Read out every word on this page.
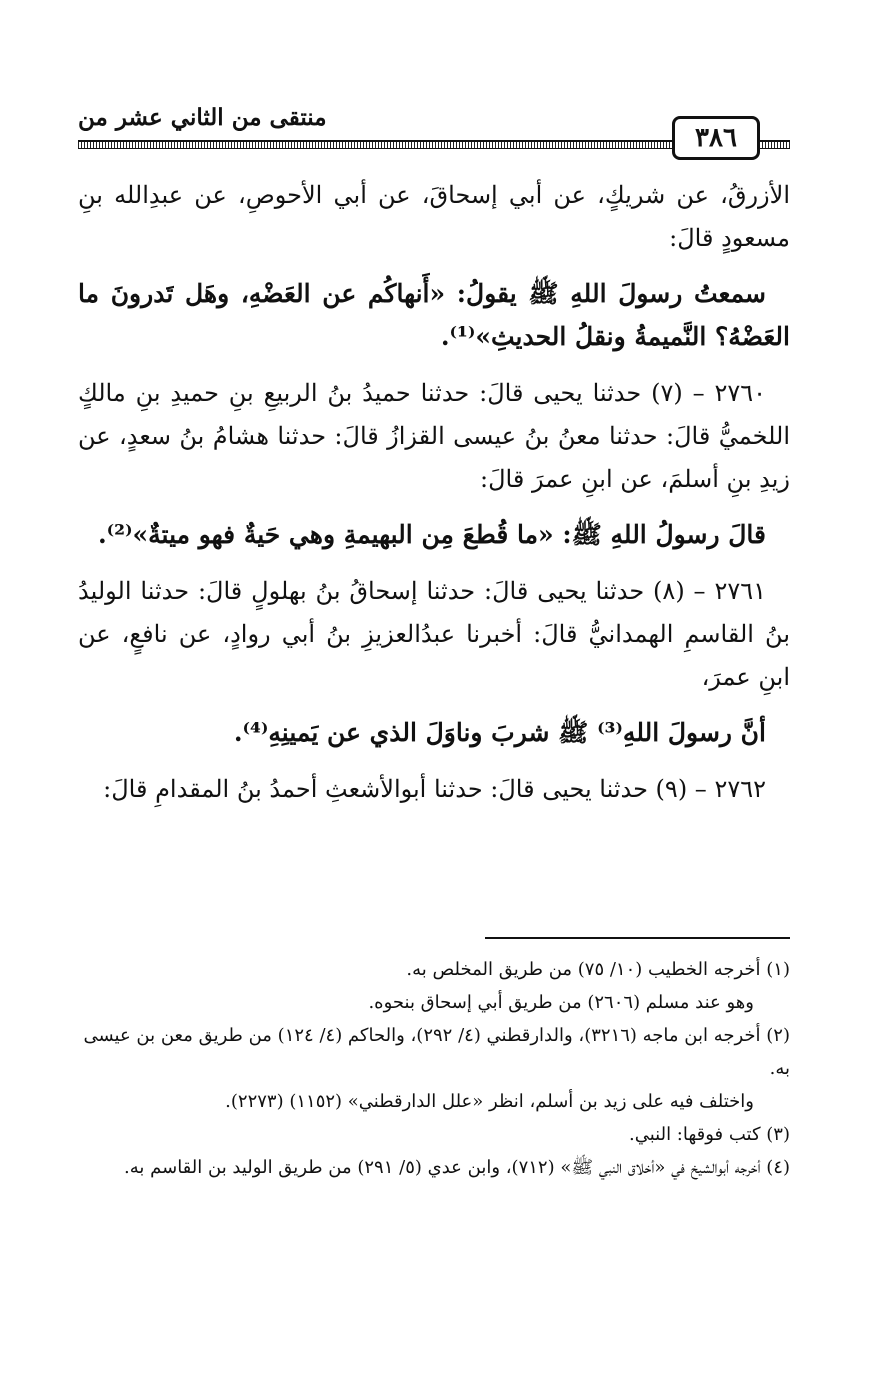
منتقى من الثاني عشر من
٣٨٦

الأزرقُ، عن شريكٍ، عن أبي إسحاقَ، عن أبي الأحوصِ، عن عبدِالله بنِ مسعودٍ قالَ:

سمعتُ رسولَ اللهِ ﷺ يقولُ: «أَنهاكُم عن العَضْهِ، وهَل تَدرونَ ما العَضْهُ؟ النَّميمةُ ونقلُ الحديثِ»⁽¹⁾.

٢٧٦٠ – (٧) حدثنا يحيى قالَ: حدثنا حميدُ بنُ الربيعِ بنِ حميدِ بنِ مالكٍ اللخميُّ قالَ: حدثنا معنُ بنُ عيسى القزازُ قالَ: حدثنا هشامُ بنُ سعدٍ، عن زيدِ بنِ أسلمَ، عن ابنِ عمرَ قالَ:

قالَ رسولُ اللهِ ﷺ: «ما قُطعَ مِن البهيمةِ وهي حَيةٌ فهو ميتةٌ»⁽²⁾.

٢٧٦١ – (٨) حدثنا يحيى قالَ: حدثنا إسحاقُ بنُ بهلولٍ قالَ: حدثنا الوليدُ بنُ القاسمِ الهمدانيُّ قالَ: أخبرنا عبدُالعزيزِ بنُ أبي روادٍ، عن نافعٍ، عن ابنِ عمرَ،

أنَّ رسولَ اللهِ⁽³⁾ ﷺ شربَ وناوَلَ الذي عن يَمينِهِ⁽⁴⁾.

٢٧٦٢ – (٩) حدثنا يحيى قالَ: حدثنا أبوالأشعثِ أحمدُ بنُ المقدامِ قالَ:

(١) أخرجه الخطيب (١٠/ ٧٥) من طريق المخلص به.

وهو عند مسلم (٢٦٠٦) من طريق أبي إسحاق بنحوه.

(٢) أخرجه ابن ماجه (٣٢١٦)، والدارقطني (٤/ ٢٩٢)، والحاكم (٤/ ١٢٤) من طريق معن بن عيسى به.

واختلف فيه على زيد بن أسلم، انظر «علل الدارقطني» (١١٥٢) (٢٢٧٣).

(٣) كتب فوقها: النبي.

(٤) أخرجه أبوالشيخ في «أخلاق النبي ﷺ» (٧١٢)، وابن عدي (٥/ ٢٩١) من طريق الوليد بن القاسم به.
